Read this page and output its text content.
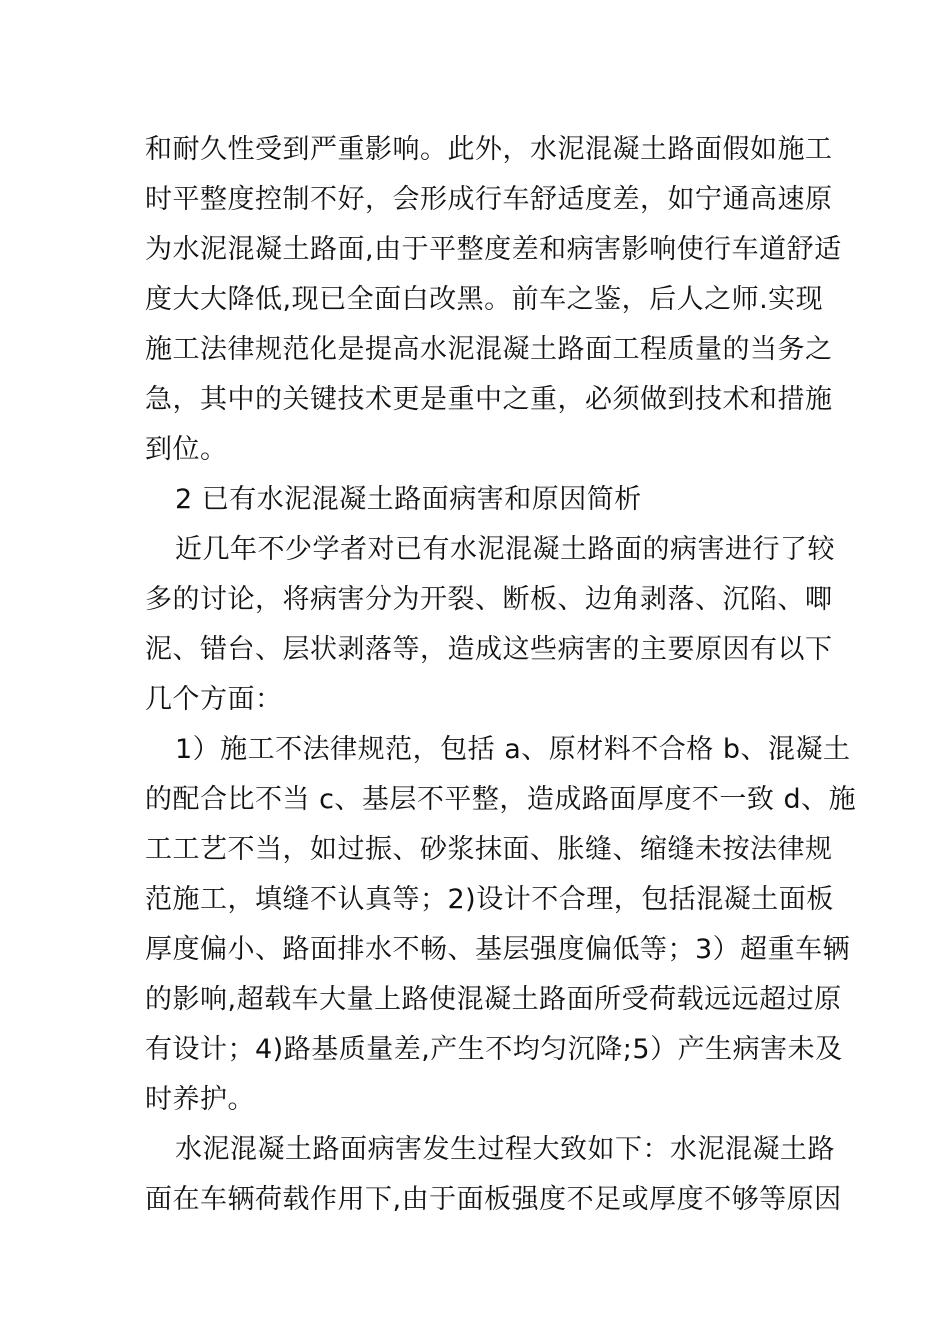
和耐久性受到严重影响。此外，水泥混凝土路面假如施工
时平整度控制不好，会形成行车舒适度差，如宁通高速原
为水泥混凝土路面,由于平整度差和病害影响使行车道舒适
度大大降低,现已全面白改黑。前车之鉴，后人之师.实现
施工法律规范化是提高水泥混凝土路面工程质量的当务之
急，其中的关键技术更是重中之重，必须做到技术和措施
到位。
2 已有水泥混凝土路面病害和原因简析
近几年不少学者对已有水泥混凝土路面的病害进行了较
多的讨论，将病害分为开裂、断板、边角剥落、沉陷、唧
泥、错台、层状剥落等，造成这些病害的主要原因有以下
几个方面：
1）施工不法律规范，包括 a、原材料不合格 b、混凝土
的配合比不当 c、基层不平整，造成路面厚度不一致 d、施
工工艺不当，如过振、砂浆抹面、胀缝、缩缝未按法律规
范施工，填缝不认真等；2)设计不合理，包括混凝土面板
厚度偏小、路面排水不畅、基层强度偏低等；3）超重车辆
的影响,超载车大量上路使混凝土路面所受荷载远远超过原
有设计；4)路基质量差,产生不均匀沉降;5）产生病害未及
时养护。
水泥混凝土路面病害发生过程大致如下：水泥混凝土路
面在车辆荷载作用下,由于面板强度不足或厚度不够等原因
